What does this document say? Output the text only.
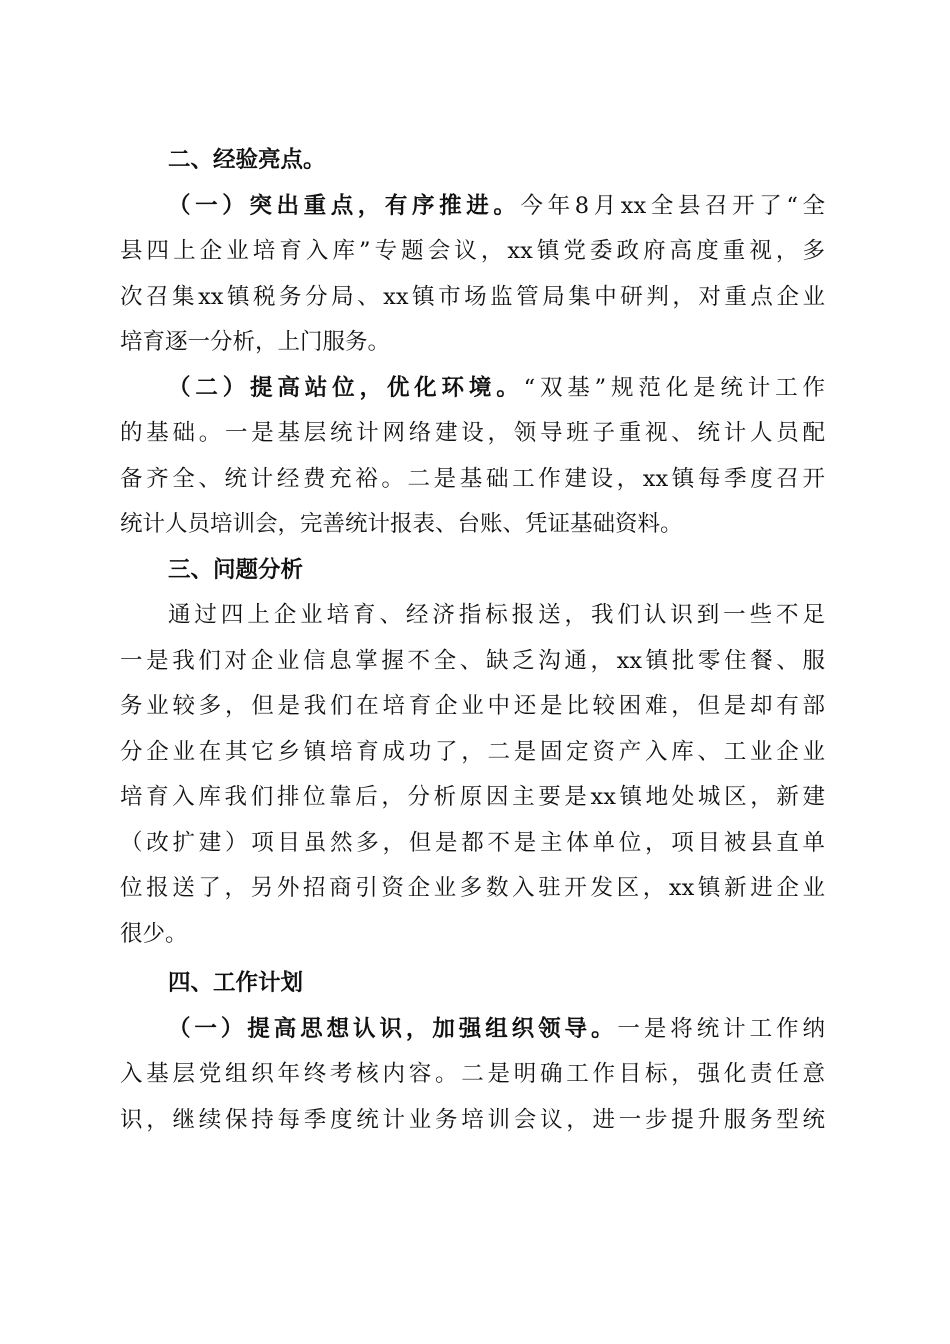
二、经验亮点。
（一）突出重点，有序推进。今年8月xx全县召开了“全
县四上企业培育入库”专题会议，xx镇党委政府高度重视，多
次召集xx镇税务分局、xx镇市场监管局集中研判，对重点企业
培育逐一分析，上门服务。
（二）提高站位，优化环境。“双基”规范化是统计工作
的基础。一是基层统计网络建设，领导班子重视、统计人员配
备齐全、统计经费充裕。二是基础工作建设，xx镇每季度召开
统计人员培训会，完善统计报表、台账、凭证基础资料。
三、问题分析
通过四上企业培育、经济指标报送，我们认识到一些不足
一是我们对企业信息掌握不全、缺乏沟通，xx镇批零住餐、服
务业较多，但是我们在培育企业中还是比较困难，但是却有部
分企业在其它乡镇培育成功了，二是固定资产入库、工业企业
培育入库我们排位靠后，分析原因主要是xx镇地处城区，新建
（改扩建）项目虽然多，但是都不是主体单位，项目被县直单
位报送了，另外招商引资企业多数入驻开发区，xx镇新进企业
很少。
四、工作计划
（一）提高思想认识，加强组织领导。一是将统计工作纳
入基层党组织年终考核内容。二是明确工作目标，强化责任意
识，继续保持每季度统计业务培训会议，进一步提升服务型统
